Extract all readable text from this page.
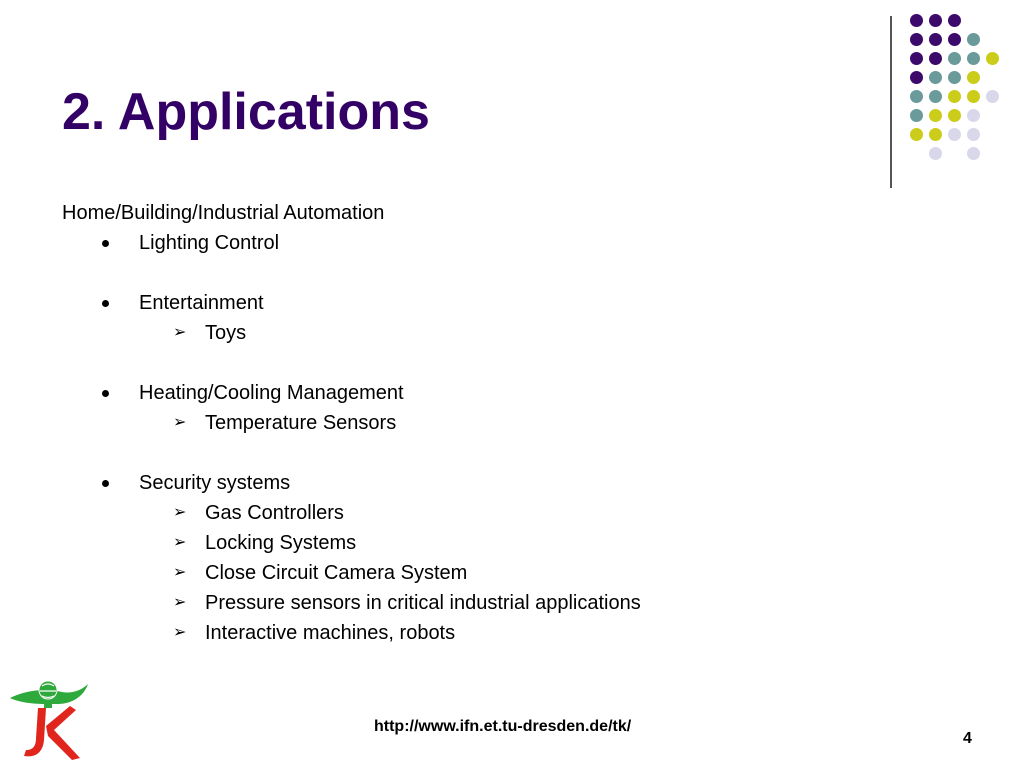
2. Applications
Home/Building/Industrial Automation
Lighting Control
Entertainment
➢ Toys
Heating/Cooling Management
➢ Temperature Sensors
Security systems
➢ Gas Controllers
➢ Locking Systems
➢ Close Circuit Camera System
➢ Pressure sensors in critical industrial applications
➢ Interactive machines, robots
http://www.ifn.et.tu-dresden.de/tk/
4
